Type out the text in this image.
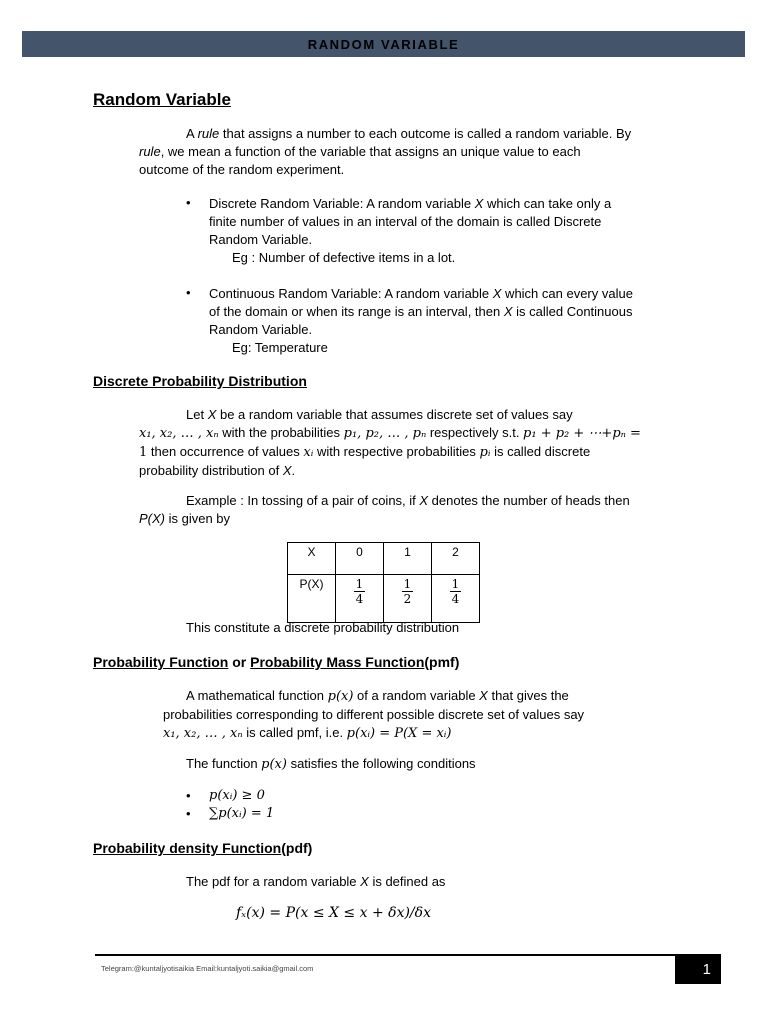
RANDOM VARIABLE
Random Variable
A rule that assigns a number to each outcome is called a random variable. By
rule, we mean a function of the variable that assigns an unique value to each
outcome of the random experiment.
• Discrete Random Variable: A random variable X which can take only a
finite number of values in an interval of the domain is called Discrete
Random Variable.
Eg : Number of defective items in a lot.
• Continuous Random Variable: A random variable X which can every value
of the domain or when its range is an interval, then X is called Continuous
Random Variable.
Eg: Temperature
Discrete Probability Distribution
Let X be a random variable that assumes discrete set of values say
x₁, x₂, … , xₙ with the probabilities p₁, p₂, … , pₙ respectively s.t. p₁ + p₂ + ⋯+pₙ =
1 then occurrence of values xᵢ with respective probabilities pᵢ is called discrete
probability distribution of X.
Example : In tossing of a pair of coins, if X denotes the number of heads then
P(X) is given by
X	0	1	2
P(X)	$\frac{1}{4}$	$\frac{1}{2}$	$\frac{1}{4}$
This constitute a discrete probability distribution
Probability Function or Probability Mass Function(pmf)
A mathematical function p(x) of a random variable X that gives the
probabilities corresponding to different possible discrete set of values say
x₁, x₂, … , xₙ is called pmf, i.e. p(xᵢ) = P(X = xᵢ)
The function p(x) satisfies the following conditions
• p(xᵢ) ≥ 0
• ∑p(xᵢ) = 1
Probability density Function(pdf)
The pdf for a random variable X is defined as
fₓ(x) = P(x ≤ X ≤ x + δx)/δx
Telegram:@kuntaljyotisaikia Email:kuntaljyoti.saikia@gmail.com	1
